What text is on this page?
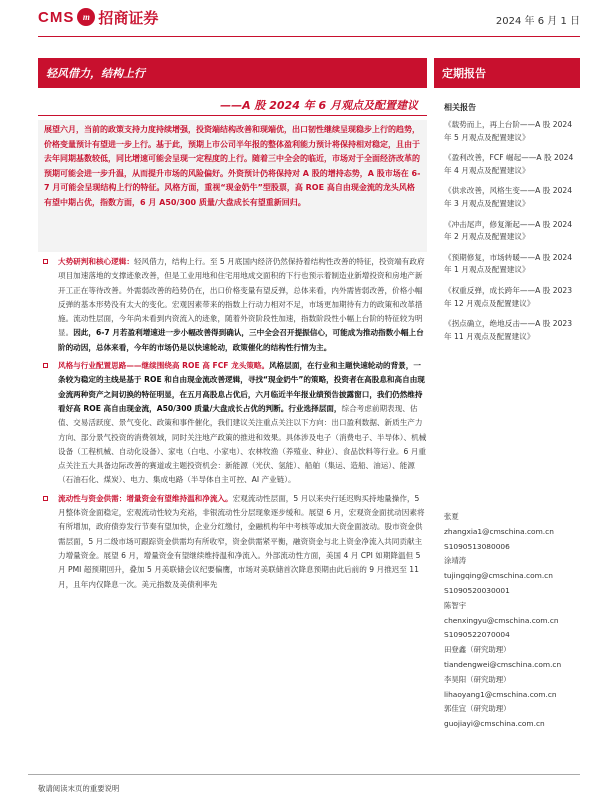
CMS m 招商证券	2024 年 6 月 1 日
轻风借力，结构上行
——A 股 2024 年 6 月观点及配置建议
展望六月，当前的政策支持力度持续增强，投资端结构改善和现端优，出口韧性继续呈现稳步上行的趋势，价格变量预计有望进一步上行。基于此，预期上市公司半年报的整体盈利能力预计将保持相对稳定，且由于去年同期基数较低，同比增速可能会呈现一定程度的上行。随着三中全会的临近，市场对于全面经济改革的预期可能会进一步升温，从而提升市场的风险偏好。外资预计仍将保持对 A 股的增持态势，A 股市场在 6-7 月可能会呈现结构上行的特征。风格方面，重视“现金奶牛”型股票，高 ROE 高自由现金流的龙头风格有望中期占优，指数方面，6 月 A50/300 质量/大盘成长有望重新回归。
大势研判和核心逻辑：轻风借力，结构上行。至 5 月底国内经济仍然保持着结构性改善的特征，投资端有政府项目加速落地的支撑迹象改善，但是工业用地和住宅用地成交面积的下行也预示着制造业新增投资和房地产新开工正在等待改善。外需弱改善的趋势仍在，出口价格变量有望反弹，总体来看，内外需皆弱改善，价格小幅反弹的基本形势没有太大的变化。宏观因素带来的指数上行动力相对不足，市场更加期待有力的政策和改革措施。流动性层面，今年尚未看到内资流入的迹象，随着外资阶段性加速，指数阶段性小幅上台阶的特征较为明显。因此，6-7 月若盈利增速进一步小幅改善得到确认，三中全会召开提振信心，可能成为推动指数小幅上台阶的动因，总体来看，今年的市场仍是以快速轮动，政策催化的结构性行情为主。
风格与行业配置思路——继续围绕高 ROE 高 FCF 龙头策略。风格层面，在行业和主题快速轮动的背景，一条较为稳定的主线是基于 ROE 和自由现金流改善逻辑，寻找“现金奶牛”的策略，投资者在高股息和高自由现金流两种资产之间切换的特征明显，在五月高股息占优后，六月临近半年报业绩预告披露窗口，我们仍然维持看好高 ROE 高自由现金流，A50/300 质量/大盘成长占优的判断。行业选择层面，综合考虑前期表现、估值、交易活跃度、景气变化、政策和事件催化，我们建议关注重点关注以下方向：出口盈利数据、新质生产力方向、部分景气投资的消费领域，同时关注地产政策的推进和效果。具体涉及电子（消费电子、半导体）、机械设备（工程机械、自动化设备）、家电（白电、小家电）、农林牧渔（养殖业、种业）、食品饮料等行业。6 月重点关注五大具备边际改善的赛道或主题投资机会：新能源（光伏、氢能）、船舶（集运、造船、油运）、能源（石油石化、煤炭）、电力、集成电路（半导体自主可控、AI 产业链）。
流动性与资金供需：增量资金有望维持温和净流入。宏观流动性层面，5 月以来央行延迟购买持地量操作，5 月整体资金面稳定，宏观流动性较为充裕，非银流动性分层现象逐步缓和。展望 6 月，宏观资金面扰动因素将有所增加，政府债券发行节奏有望加快，企业分红缴付，金融机构年中考核等或加大资金面波动。股市资金供需层面，5 月二级市场可跟踪资金供需均有所收窄，资金供需紧平衡，融资资金与北上资金净流入共同贡献主力增量资金。展望 6 月，增量资金有望继续维持温和净流入。外部流动性方面，美国 4 月 CPI 如期降温但 5 月 PMI 超预期回升，叠加 5 月美联储会议纪要偏鹰，市场对美联储首次降息预期由此后前的 9 月推迟至 11 月，且年内仅降息一次。美元指数及美债利率先
定期报告
相关报告
《载势而上，再上台阶——A 股 2024 年 5 月观点及配置建议》
《盈利改善，FCF 崛起——A 股 2024 年 4 月观点及配置建议》
《供求改善，风格生变——A 股 2024 年 3 月观点及配置建议》
《冲击尾声，修复渐起——A 股 2024 年 2 月观点及配置建议》
《预期修复，市场转暖——A 股 2024 年 1 月观点及配置建议》
《权重反弹，成长跨年——A 股 2023 年 12 月观点及配置建议》
《拐点确立，绝地反击——A 股 2023 年 11 月观点及配置建议》
张夏
zhangxia1@cmschina.com.cn
S1090513080006
涂靖涛
tujingqing@cmschina.com.cn
S1090520030001
陈智宇
chenxingyu@cmschina.com.cn
S1090522070004
田登鑫（研究助理）
tiandengwei@cmschina.com.cn
李昊阳（研究助理）
lihaoyang1@cmschina.com.cn
郭佳宜（研究助理）
guojiayi@cmschina.com.cn
敬请阅读末页的重要说明
